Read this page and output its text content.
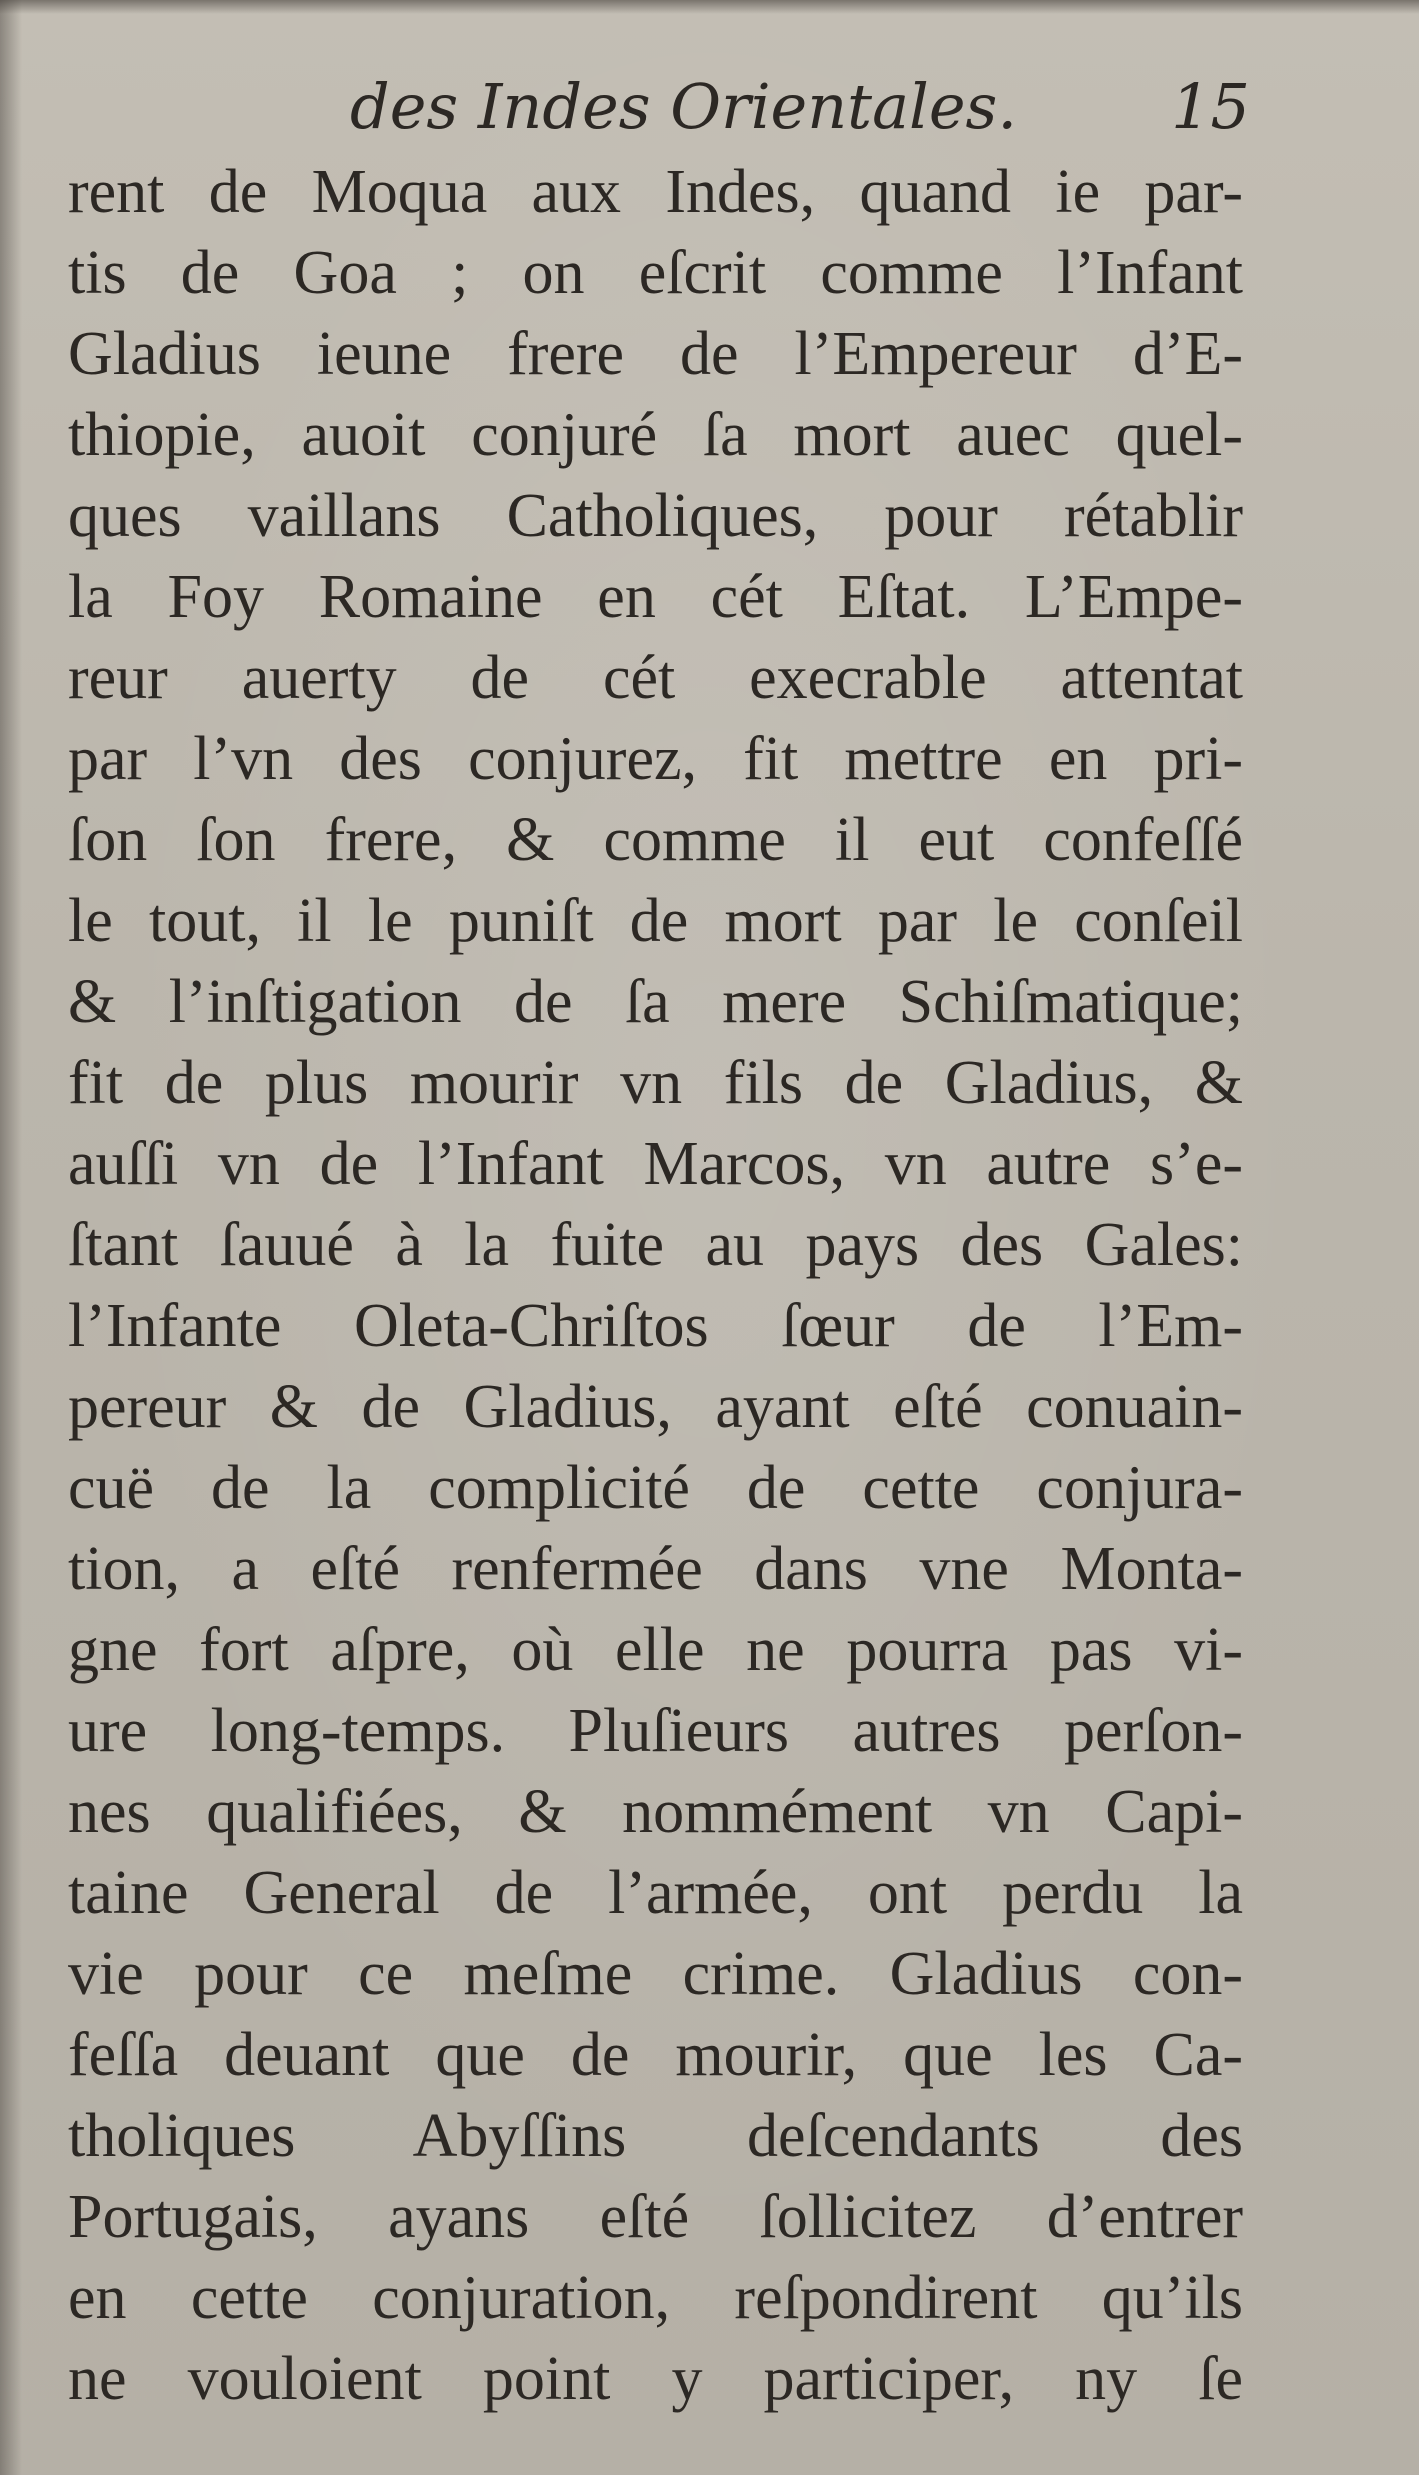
des Indes Orientales. 15
rent de Moqua aux Indes, quand ie par-
tis de Goa ; on eſcrit comme l’Infant
Gladius ieune frere de l’Empereur d’E-
thiopie, auoit conjuré ſa mort auec quel-
ques vaillans Catholiques, pour rétablir
la Foy Romaine en cét Eſtat. L’Empe-
reur auerty de cét execrable attentat
par l’vn des conjurez, fit mettre en pri-
ſon ſon frere, & comme il eut confeſſé
le tout, il le puniſt de mort par le conſeil
& l’inſtigation de ſa mere Schiſmatique;
fit de plus mourir vn fils de Gladius, &
auſſi vn de l’Infant Marcos, vn autre s’e-
ſtant ſauué à la fuite au pays des Gales:
l’Infante Oleta-Chriſtos ſœur de l’Em-
pereur & de Gladius, ayant eſté conuain-
cuë de la complicité de cette conjura-
tion, a eſté renfermée dans vne Monta-
gne fort aſpre, où elle ne pourra pas vi-
ure long-temps. Pluſieurs autres perſon-
nes qualifiées, & nommément vn Capi-
taine General de l’armée, ont perdu la
vie pour ce meſme crime. Gladius con-
feſſa deuant que de mourir, que les Ca-
tholiques Abyſſins deſcendants des
Portugais, ayans eſté ſollicitez d’entrer
en cette conjuration, reſpondirent qu’ils
ne vouloient point y participer, ny ſe
